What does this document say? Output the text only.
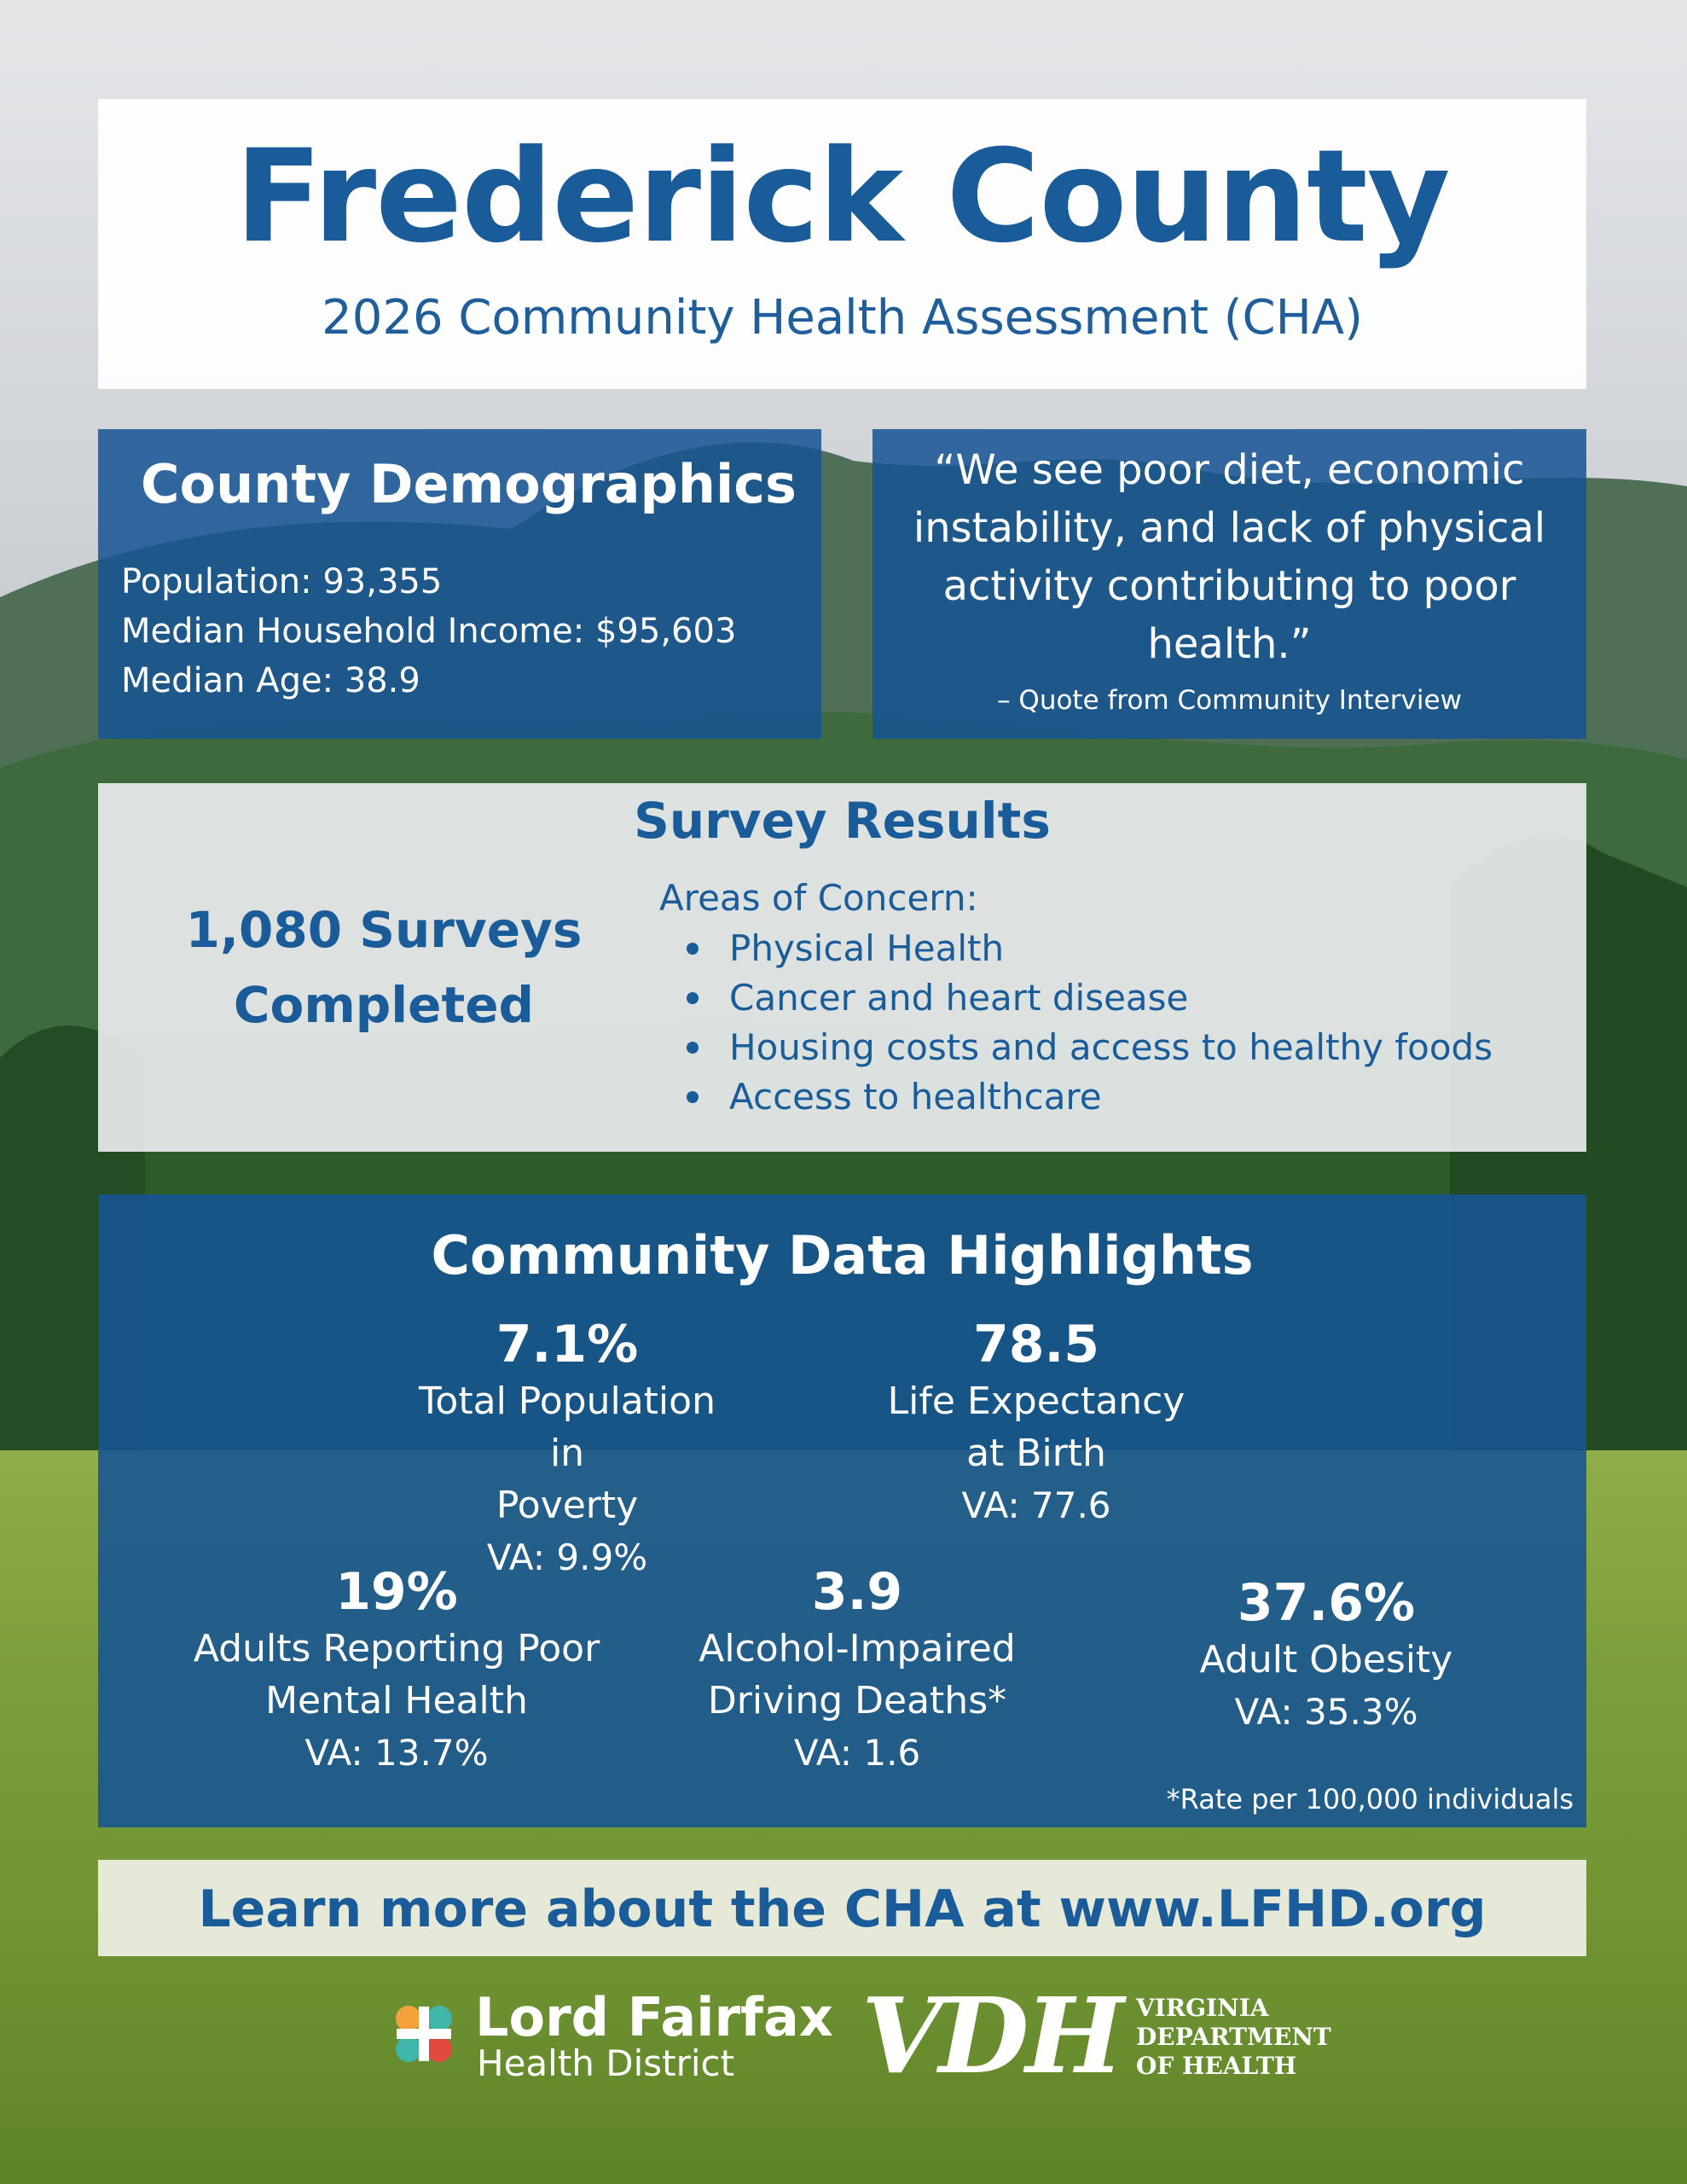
Frederick County
2026 Community Health Assessment (CHA)
County Demographics
Population: 93,355
Median Household Income: $95,603
Median Age: 38.9
“We see poor diet, economic
instability, and lack of physical
activity contributing to poor
health.”
– Quote from Community Interview
Survey Results
1,080 Surveys
Completed
Areas of Concern:
Physical Health
Cancer and heart disease
Housing costs and access to healthy foods
Access to healthcare
Community Data Highlights
7.1%
Total Population in
Poverty
VA: 9.9%
78.5
Life Expectancy
at Birth
VA: 77.6
19%
Adults Reporting Poor
Mental Health
VA: 13.7%
3.9
Alcohol-Impaired
Driving Deaths*
VA: 1.6
37.6%
Adult Obesity
VA: 35.3%
*Rate per 100,000 individuals
Learn more about the CHA at www.LFHD.org
Lord Fairfax
Health District VDH VIRGINIA
DEPARTMENT
OF HEALTH
